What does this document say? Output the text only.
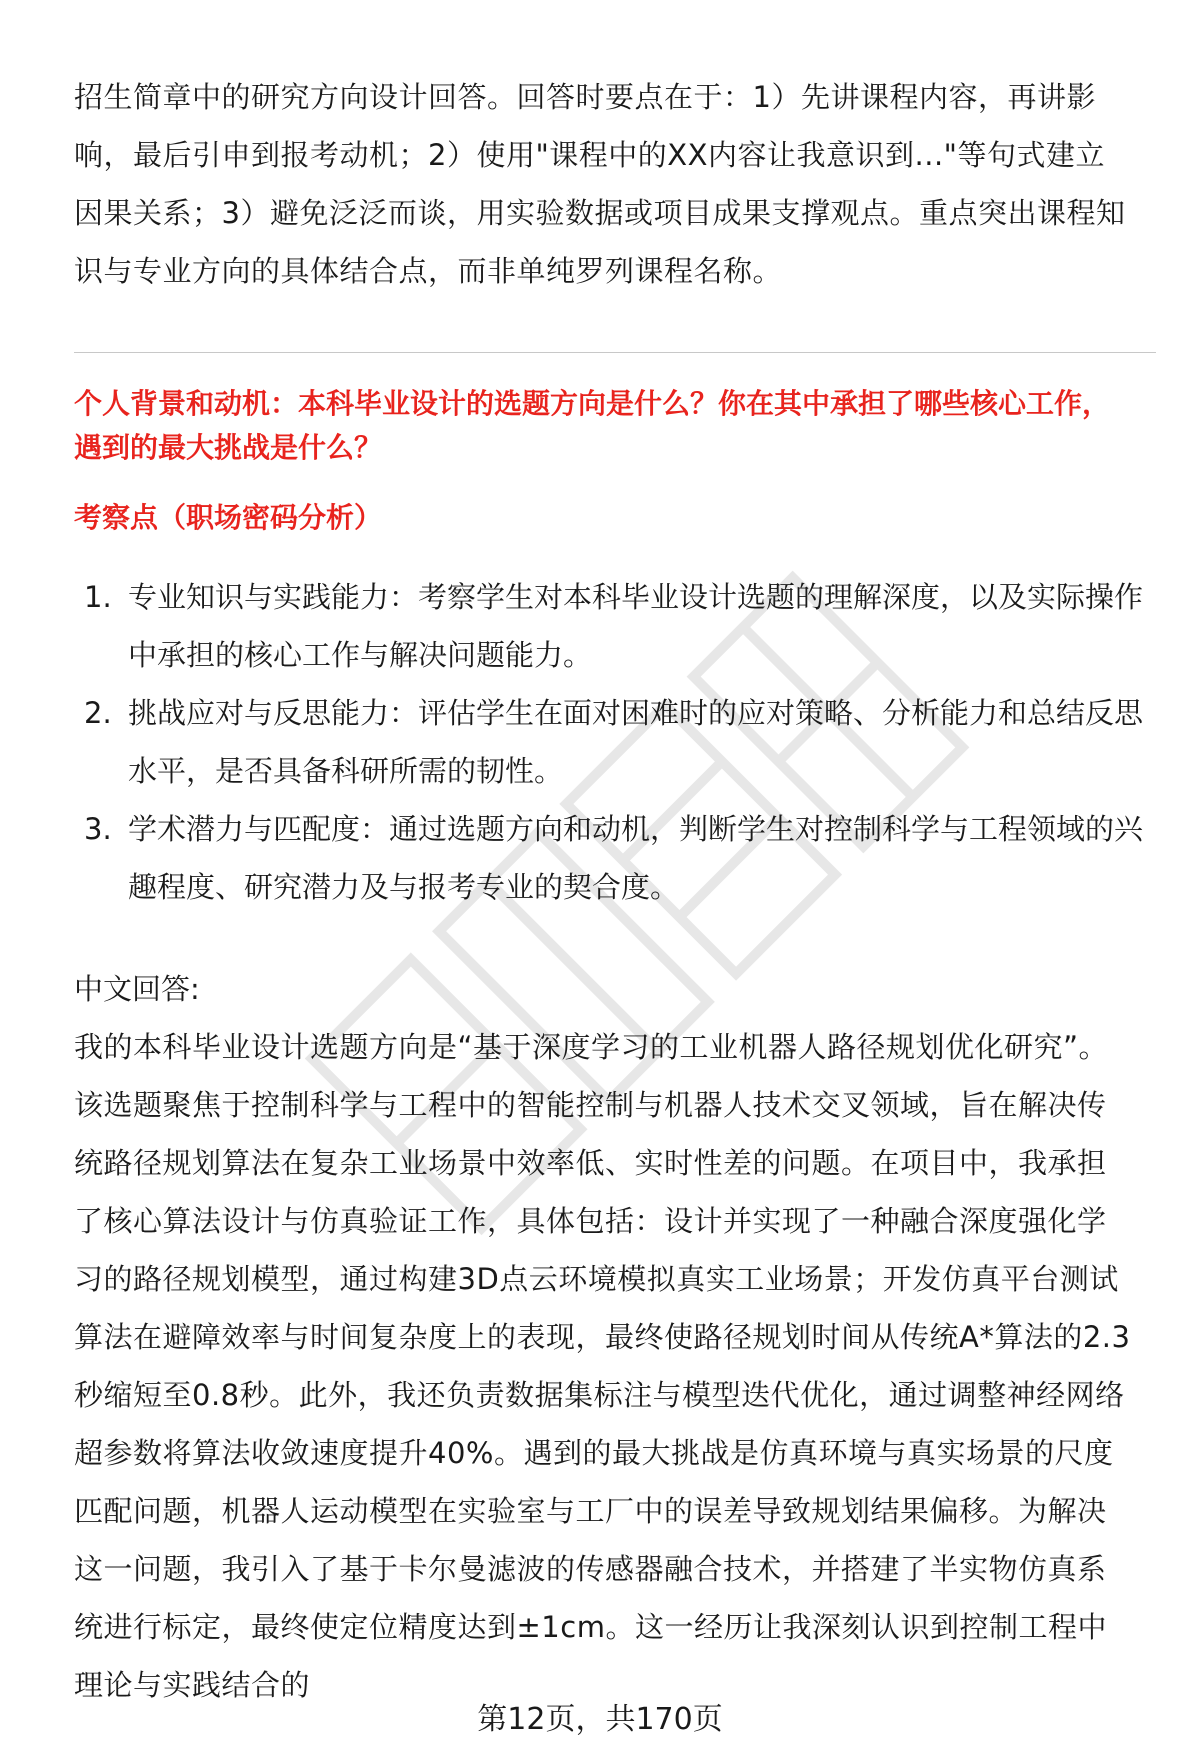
招生简章中的研究方向设计回答。回答时要点在于：1）先讲课程内容，再讲影响，最后引申到报考动机；2）使用"课程中的XX内容让我意识到..."等句式建立因果关系；3）避免泛泛而谈，用实验数据或项目成果支撑观点。重点突出课程知识与专业方向的具体结合点，而非单纯罗列课程名称。

个人背景和动机：本科毕业设计的选题方向是什么？你在其中承担了哪些核心工作，遇到的最大挑战是什么？

考察点（职场密码分析）

1. 专业知识与实践能力：考察学生对本科毕业设计选题的理解深度，以及实际操作中承担的核心工作与解决问题能力。
2. 挑战应对与反思能力：评估学生在面对困难时的应对策略、分析能力和总结反思水平，是否具备科研所需的韧性。
3. 学术潜力与匹配度：通过选题方向和动机，判断学生对控制科学与工程领域的兴趣程度、研究潜力及与报考专业的契合度。

中文回答:

我的本科毕业设计选题方向是“基于深度学习的工业机器人路径规划优化研究”。该选题聚焦于控制科学与工程中的智能控制与机器人技术交叉领域，旨在解决传统路径规划算法在复杂工业场景中效率低、实时性差的问题。在项目中，我承担了核心算法设计与仿真验证工作，具体包括：设计并实现了一种融合深度强化学习的路径规划模型，通过构建3D点云环境模拟真实工业场景；开发仿真平台测试算法在避障效率与时间复杂度上的表现，最终使路径规划时间从传统A*算法的2.3秒缩短至0.8秒。此外，我还负责数据集标注与模型迭代优化，通过调整神经网络超参数将算法收敛速度提升40%。遇到的最大挑战是仿真环境与真实场景的尺度匹配问题，机器人运动模型在实验室与工厂中的误差导致规划结果偏移。为解决这一问题，我引入了基于卡尔曼滤波的传感器融合技术，并搭建了半实物仿真系统进行标定，最终使定位精度达到±1cm。这一经历让我深刻认识到控制工程中理论与实践结合的

第12页，共170页
